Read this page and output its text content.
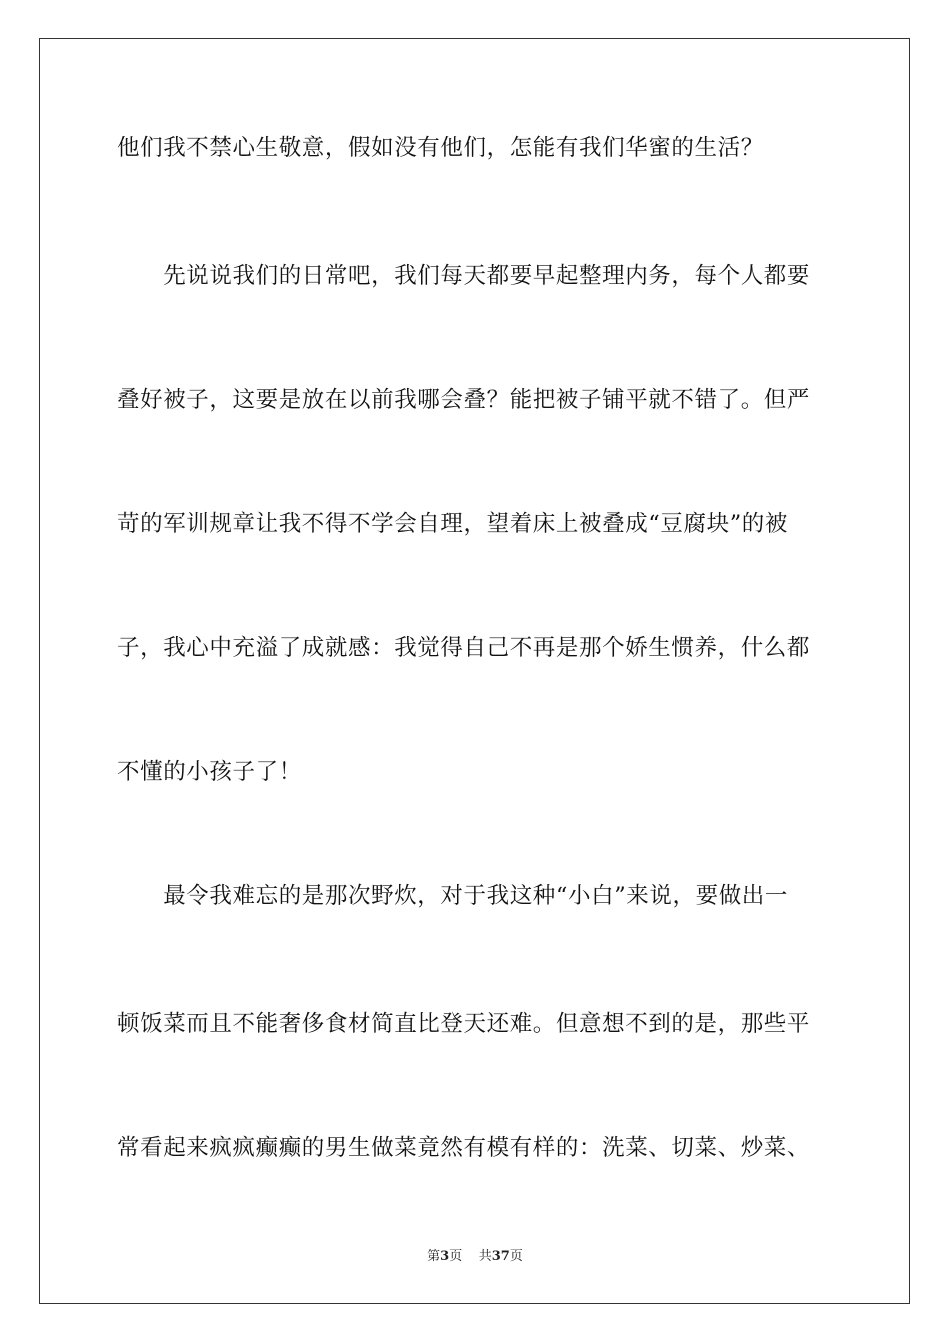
他们我不禁心生敬意，假如没有他们，怎能有我们华蜜的生活？
　　先说说我们的日常吧，我们每天都要早起整理内务，每个人都要
叠好被子，这要是放在以前我哪会叠？能把被子铺平就不错了。但严
苛的军训规章让我不得不学会自理，望着床上被叠成“豆腐块”的被
子，我心中充溢了成就感：我觉得自己不再是那个娇生惯养，什么都
不懂的小孩子了！
　　最令我难忘的是那次野炊，对于我这种“小白”来说，要做出一
顿饭菜而且不能奢侈食材简直比登天还难。但意想不到的是，那些平
常看起来疯疯癫癫的男生做菜竟然有模有样的：洗菜、切菜、炒菜、
第3页 共37页
